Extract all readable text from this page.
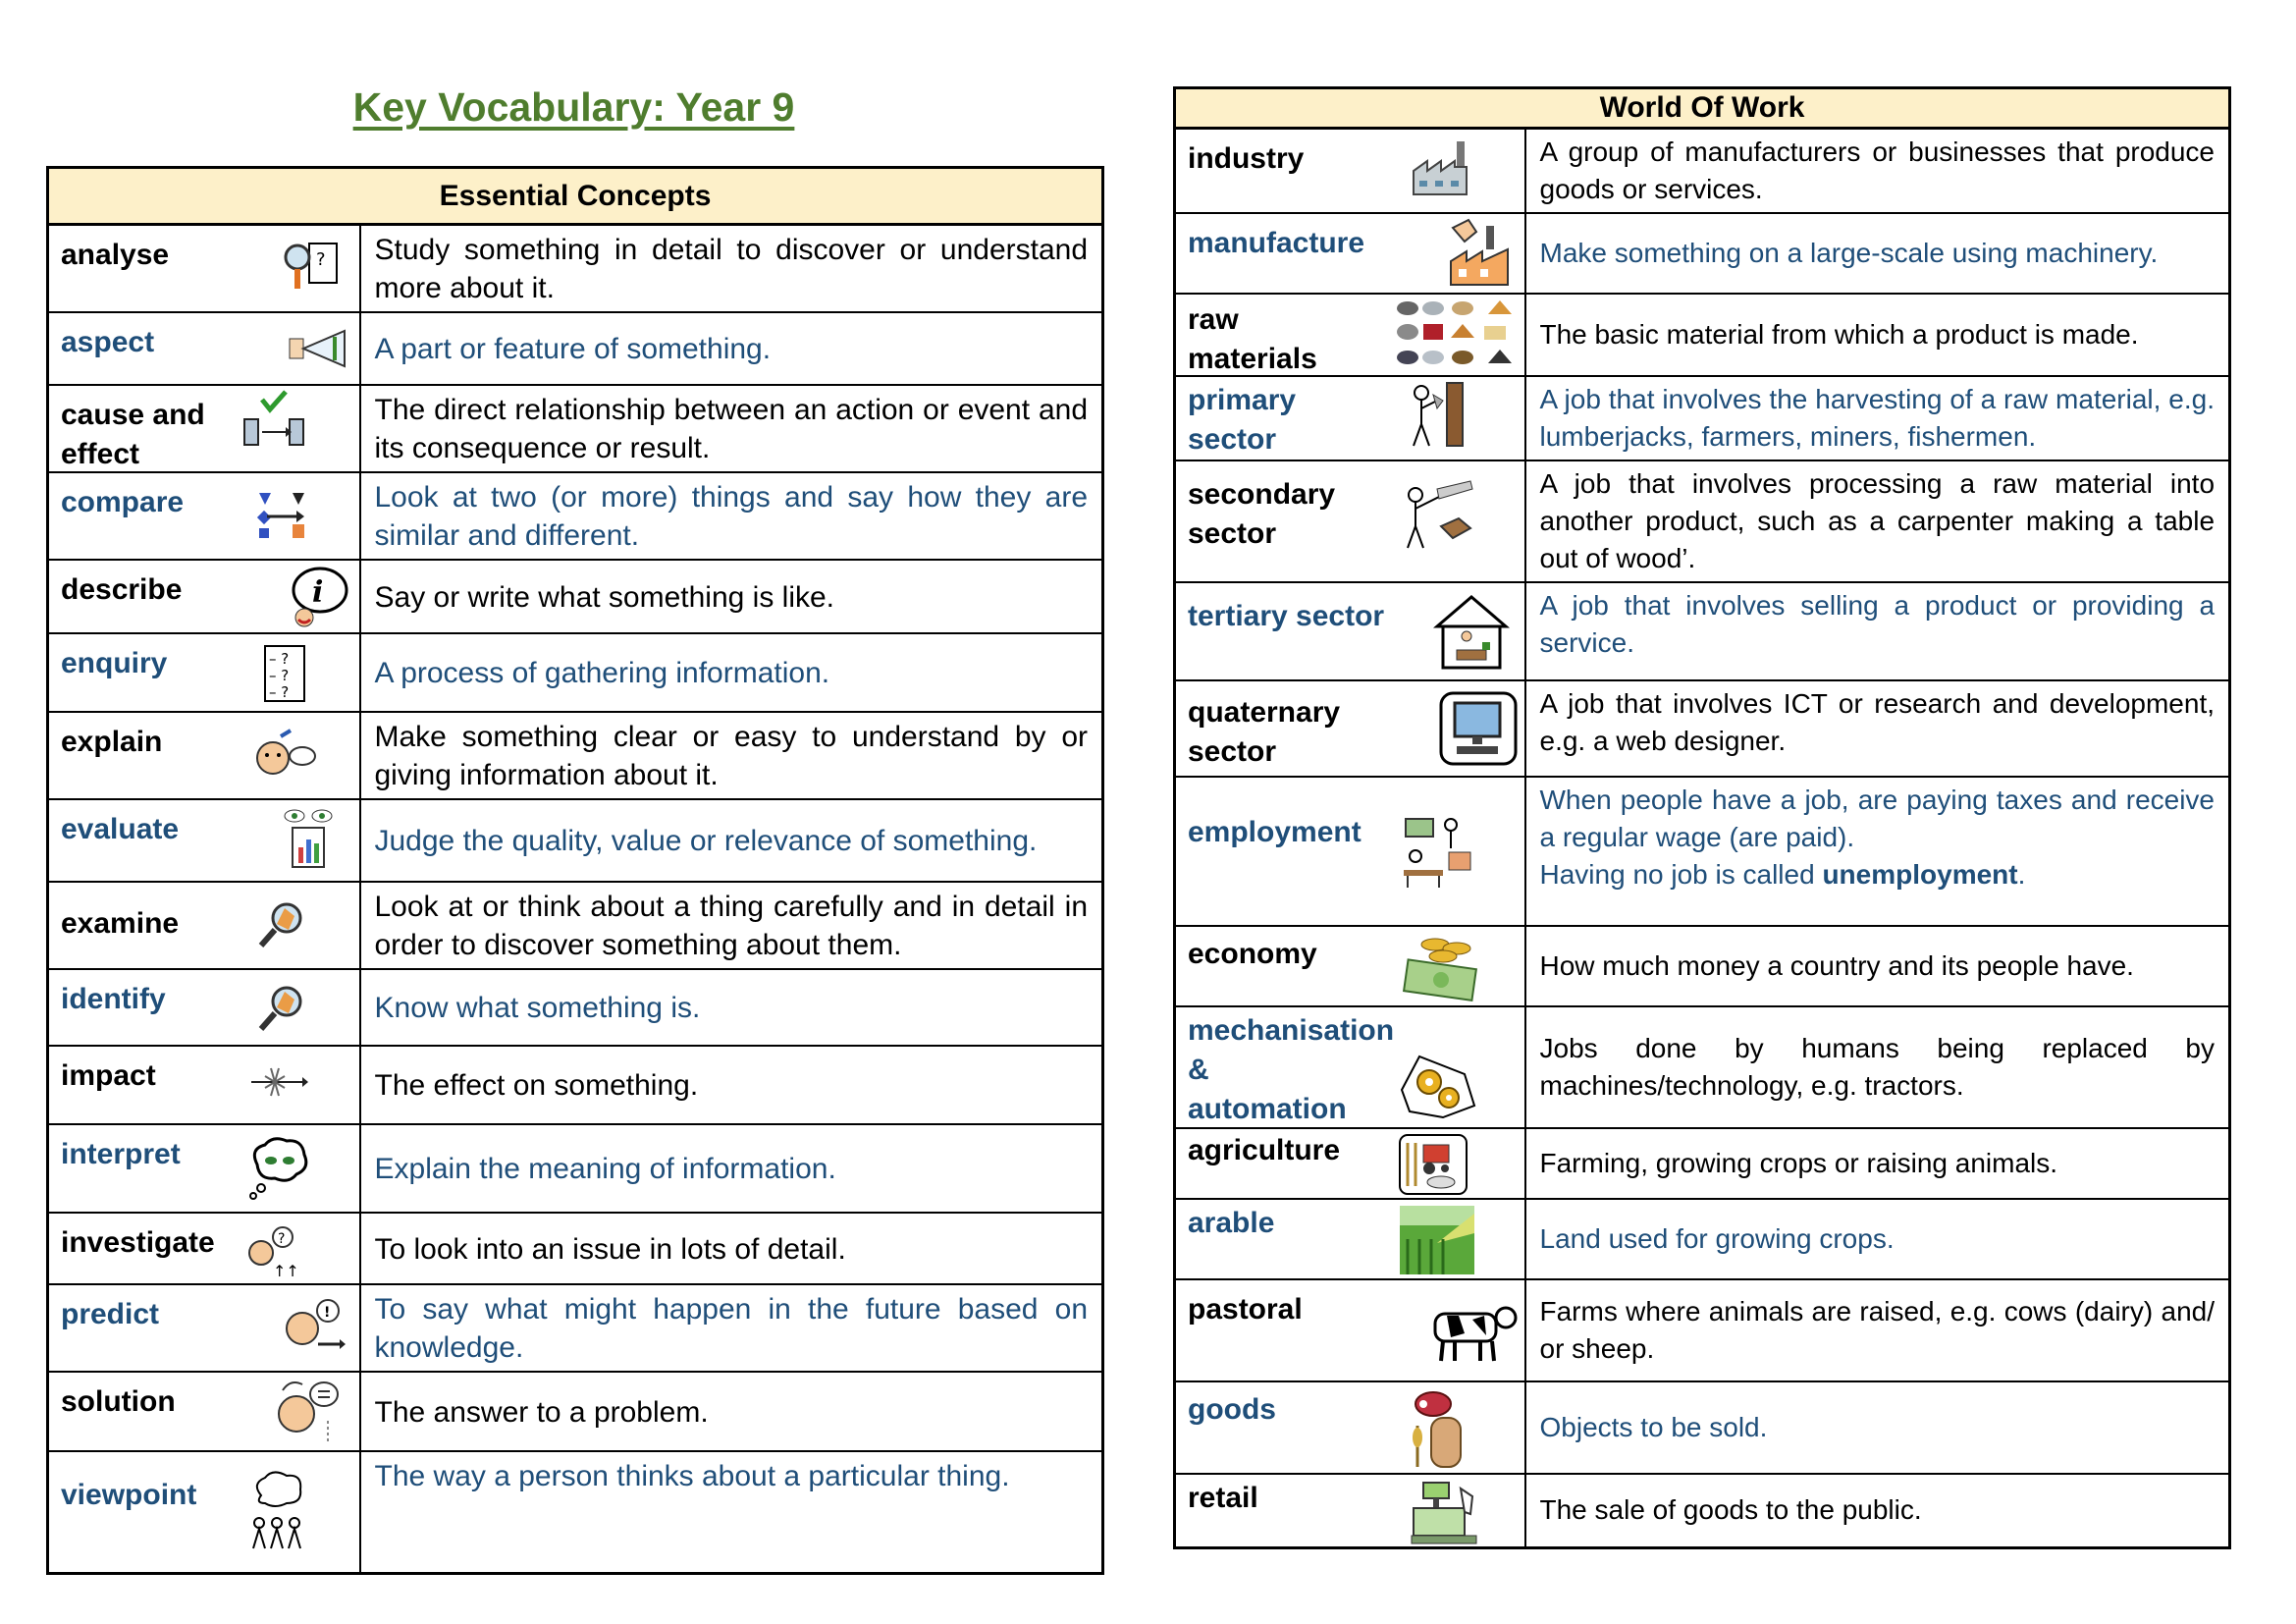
Key Vocabulary: Year 9
Essential Concepts	

analyse ?	Study something in detail to discover or understand more about it.

aspect	A part or feature of something.

cause and
effect	The direct relationship between an action or event and its consequence or result.

compare	Look at two (or more) things and say how they are similar and different.

describe i	Say or write what something is like.

enquiry – ?
– ?
– ?	A process of gathering information.

explain	Make something clear or easy to understand by or giving information about it.

evaluate	Judge the quality, value or relevance of something.

examine	Look at or think about a thing carefully and in detail in order to discover something about them.

identify	Know what something is.

impact	The effect on something.

interpret	Explain the meaning of information.

investigate ?
↑↑	To look into an issue in lots of detail.

predict !	To say what might happen in the future based on knowledge.

solution	The answer to a problem.

viewpoint	The way a person thinks about a particular thing.
World Of Work	

industry	A group of manufacturers or businesses that produce goods or services.

manufacture	Make something on a large-scale using machinery.

raw
materials	The basic material from which a product is made.

primary
sector	A job that involves the harvesting of a raw material, e.g. lumberjacks, farmers, miners, fishermen.

secondary
sector	A job that involves processing a raw material into another product, such as a carpenter making a table out of wood’.

tertiary sector	A job that involves selling a product or providing a service.

quaternary
sector	A job that involves ICT or research and development, e.g. a web designer.

employment	When people have a job, are paying taxes and receive a regular wage (are paid).
Having no job is called unemployment.

economy	How much money a country and its people have.

mechanisation
&
automation	Jobs done by humans being replaced by machines/technology, e.g. tractors.

agriculture	Farming, growing crops or raising animals.

arable	Land used for growing crops.

pastoral	Farms where animals are raised, e.g. cows (dairy) and/ or sheep.

goods	Objects to be sold.

retail	The sale of goods to the public.
